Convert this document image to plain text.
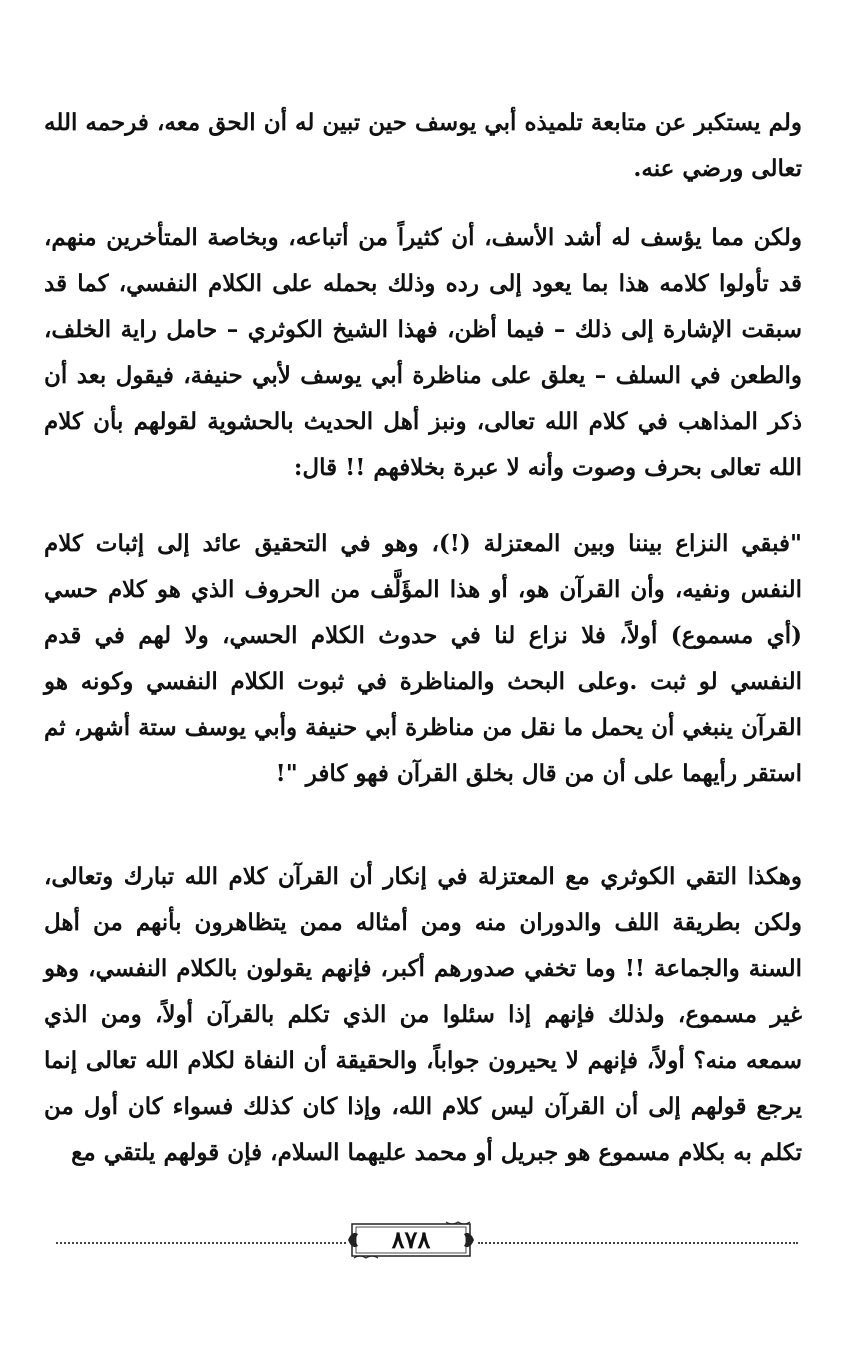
ولم يستكبر عن متابعة تلميذه أبي يوسف حين تبين له أن الحق معه، فرحمه الله تعالى ورضي عنه.

ولكن مما يؤسف له أشد الأسف، أن كثيراً من أتباعه، وبخاصة المتأخرين منهم، قد تأولوا كلامه هذا بما يعود إلى رده وذلك بحمله على الكلام النفسي، كما قد سبقت الإشارة إلى ذلك – فيما أظن، فهذا الشيخ الكوثري – حامل راية الخلف، والطعن في السلف – يعلق على مناظرة أبي يوسف لأبي حنيفة، فيقول بعد أن ذكر المذاهب في كلام الله تعالى، ونبز أهل الحديث بالحشوية لقولهم بأن كلام الله تعالى بحرف وصوت وأنه لا عبرة بخلافهم !! قال:

"فبقي النزاع بيننا وبين المعتزلة (!)، وهو في التحقيق عائد إلى إثبات كلام النفس ونفيه، وأن القرآن هو، أو هذا المؤَلَّف من الحروف الذي هو كلام حسي (أي مسموع) أولاً، فلا نزاع لنا في حدوث الكلام الحسي، ولا لهم في قدم النفسي لو ثبت .وعلى البحث والمناظرة في ثبوت الكلام النفسي وكونه هو القرآن ينبغي أن يحمل ما نقل من مناظرة أبي حنيفة وأبي يوسف ستة أشهر، ثم استقر رأيهما على أن من قال بخلق القرآن فهو كافر "!

وهكذا التقي الكوثري مع المعتزلة في إنكار أن القرآن كلام الله تبارك وتعالى، ولكن بطريقة اللف والدوران منه ومن أمثاله ممن يتظاهرون بأنهم من أهل السنة والجماعة !! وما تخفي صدورهم أكبر، فإنهم يقولون بالكلام النفسي، وهو غير مسموع، ولذلك فإنهم إذا سئلوا من الذي تكلم بالقرآن أولاً، ومن الذي سمعه منه؟ أولاً، فإنهم لا يحيرون جواباً، والحقيقة أن النفاة لكلام الله تعالى إنما يرجع قولهم إلى أن القرآن ليس كلام الله، وإذا كان كذلك فسواء كان أول من تكلم به بكلام مسموع هو جبريل أو محمد عليهما السلام، فإن قولهم يلتقي مع

٨٧٨
